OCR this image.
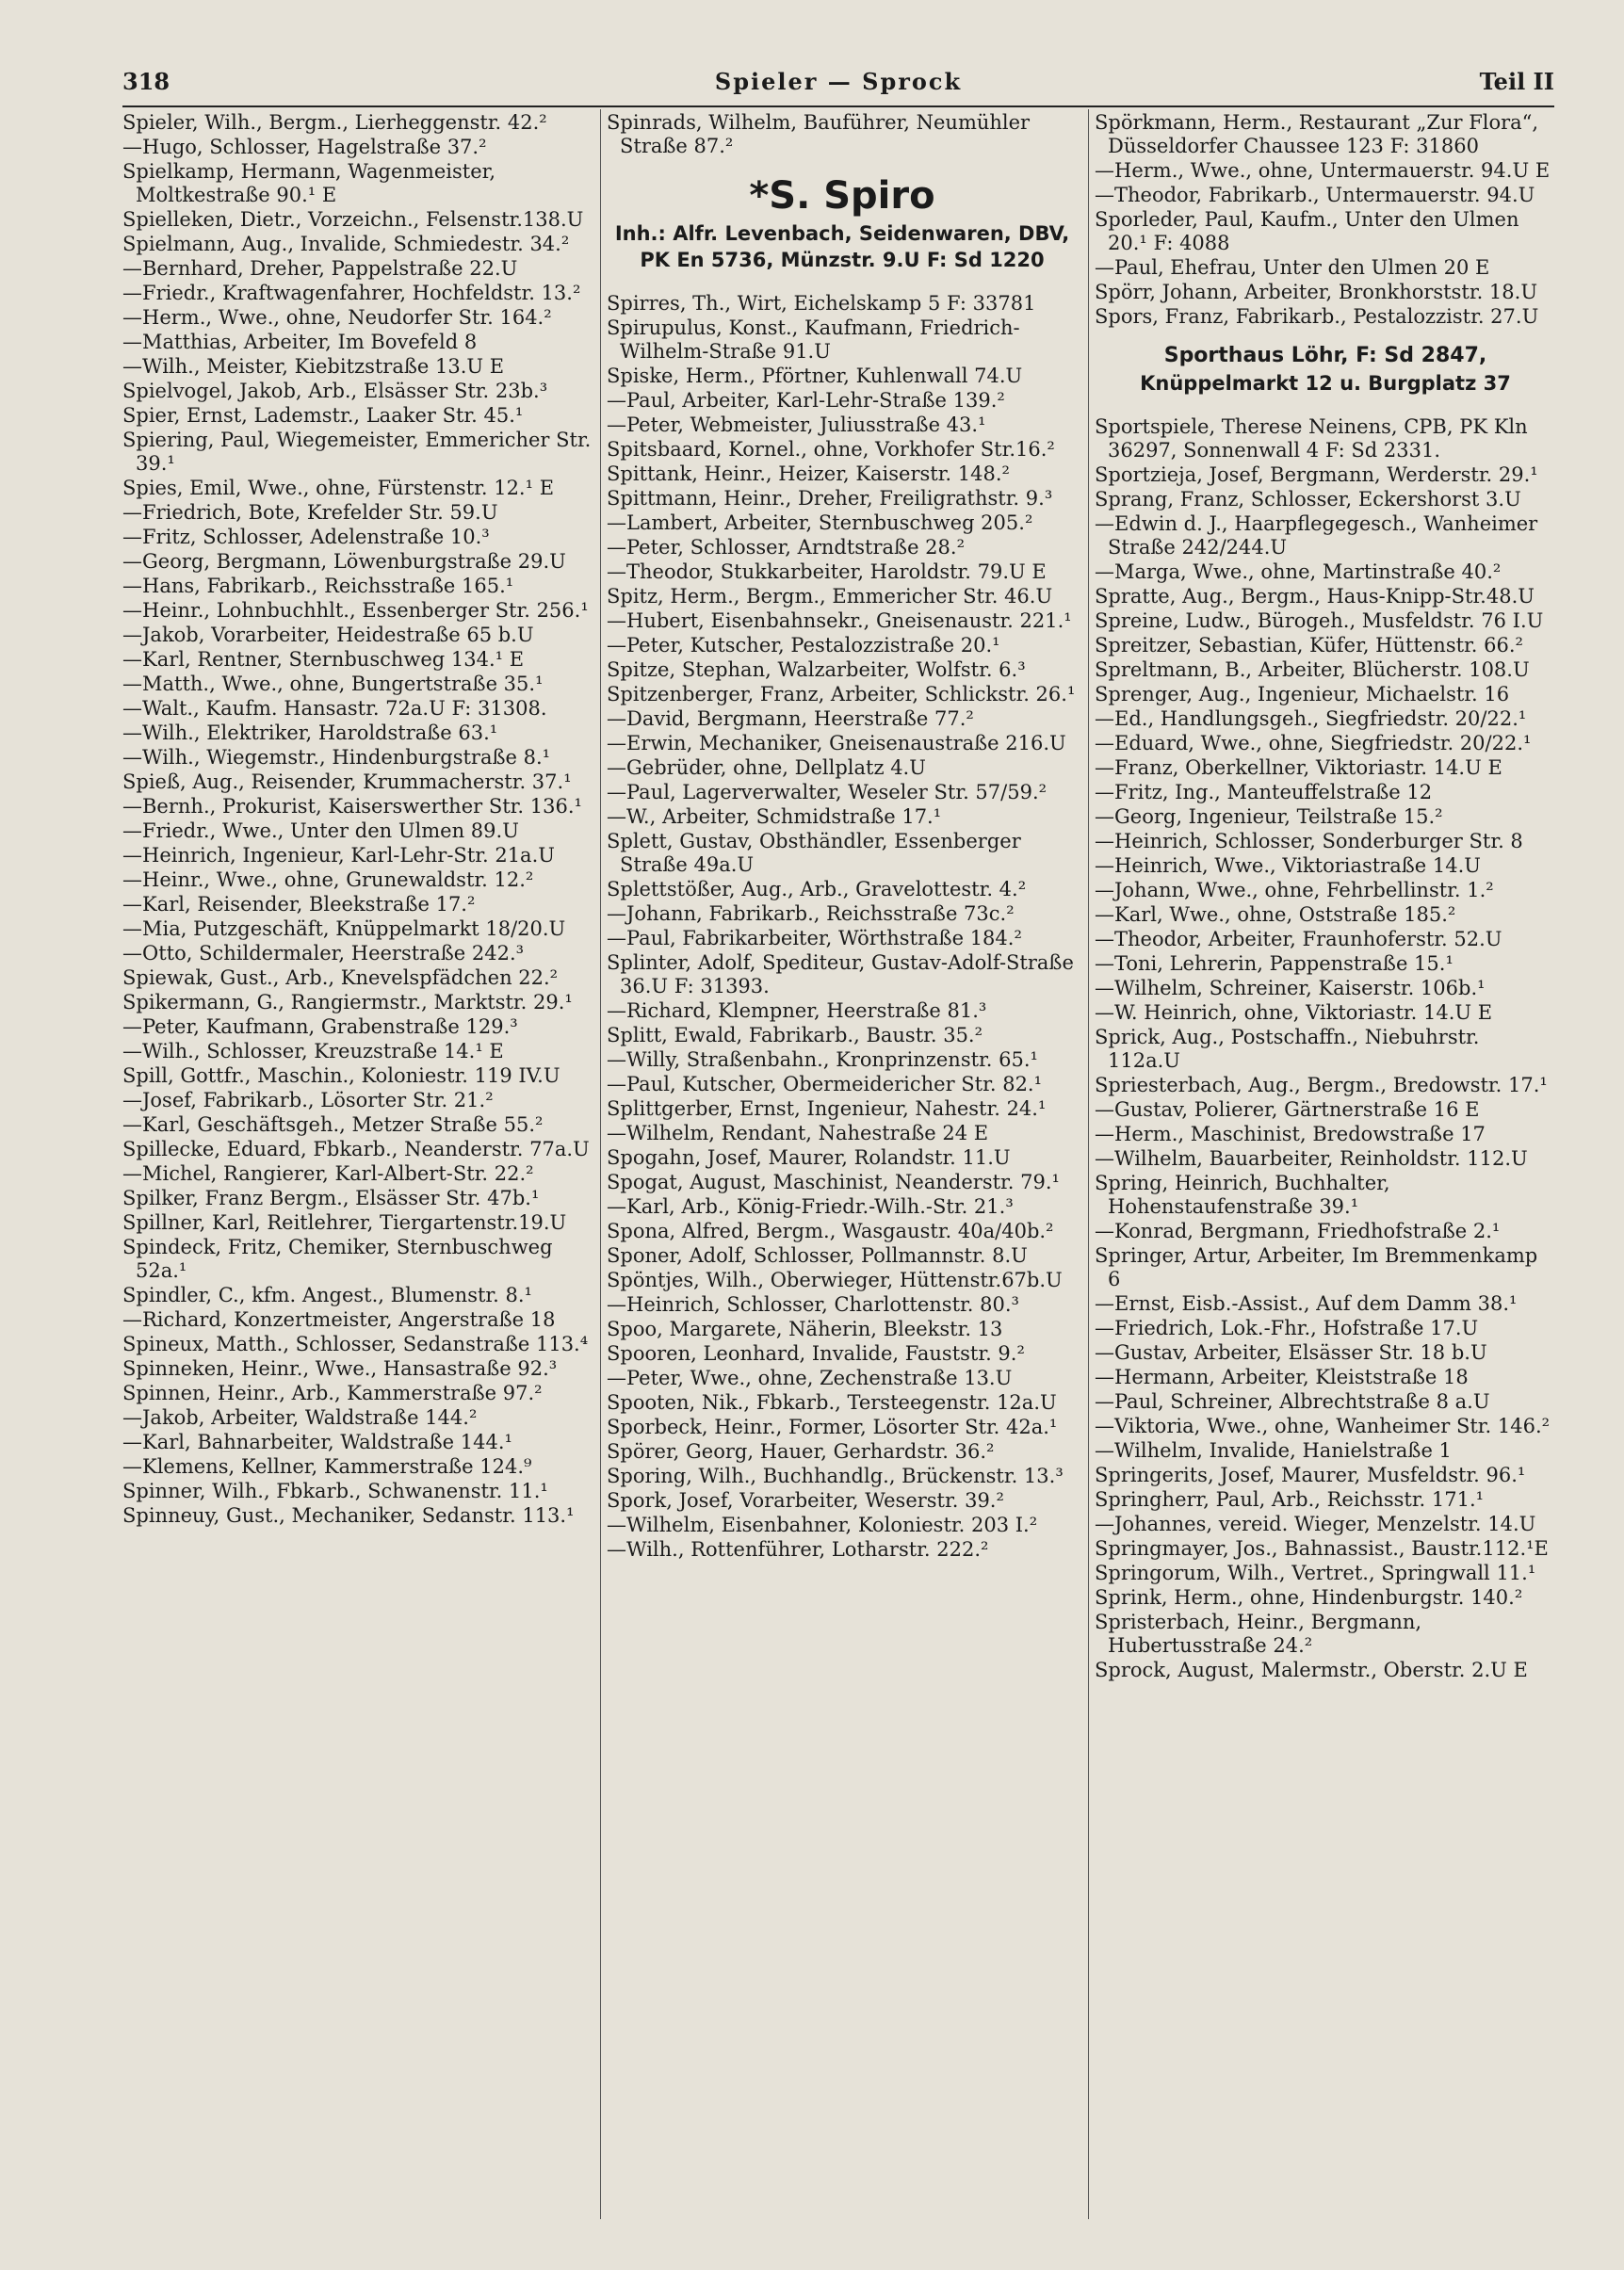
318	Spieler — Sprock	Teil II
Spieler, Wilh., Bergm., Lierheggenstr. 42.²
—Hugo, Schlosser, Hagelstraße 37.²
Spielkamp, Hermann, Wagenmeister, Moltkestraße 90.¹ E
Spielleken, Dietr., Vorzeichn., Felsenstr.138.U
Spielmann, Aug., Invalide, Schmiedestr. 34.²
—Bernhard, Dreher, Pappelstraße 22.U
—Friedr., Kraftwagenfahrer, Hochfeldstr. 13.²
—Herm., Wwe., ohne, Neudorfer Str. 164.²
—Matthias, Arbeiter, Im Bovefeld 8
—Wilh., Meister, Kiebitzstraße 13.U E
Spielvogel, Jakob, Arb., Elsässer Str. 23b.³
Spier, Ernst, Lademstr., Laaker Str. 45.¹
Spiering, Paul, Wiegemeister, Emmericher Str. 39.¹
Spies, Emil, Wwe., ohne, Fürstenstr. 12.¹ E
—Friedrich, Bote, Krefelder Str. 59.U
—Fritz, Schlosser, Adelenstraße 10.³
—Georg, Bergmann, Löwenburgstraße 29.U
—Hans, Fabrikarb., Reichsstraße 165.¹
—Heinr., Lohnbuchhlt., Essenberger Str. 256.¹
—Jakob, Vorarbeiter, Heidestraße 65 b.U
—Karl, Rentner, Sternbuschweg 134.¹ E
—Matth., Wwe., ohne, Bungertstraße 35.¹
—Walt., Kaufm. Hansastr. 72a.U F: 31308.
—Wilh., Elektriker, Haroldstraße 63.¹
—Wilh., Wiegemstr., Hindenburgstraße 8.¹
Spieß, Aug., Reisender, Krummacherstr. 37.¹
—Bernh., Prokurist, Kaiserswerther Str. 136.¹
—Friedr., Wwe., Unter den Ulmen 89.U
—Heinrich, Ingenieur, Karl-Lehr-Str. 21a.U
—Heinr., Wwe., ohne, Grunewaldstr. 12.²
—Karl, Reisender, Bleekstraße 17.²
—Mia, Putzgeschäft, Knüppelmarkt 18/20.U
—Otto, Schildermaler, Heerstraße 242.³
Spiewak, Gust., Arb., Knevelspfädchen 22.²
Spikermann, G., Rangiermstr., Marktstr. 29.¹
—Peter, Kaufmann, Grabenstraße 129.³
—Wilh., Schlosser, Kreuzstraße 14.¹ E
Spill, Gottfr., Maschin., Koloniestr. 119 IV.U
—Josef, Fabrikarb., Lösorter Str. 21.²
—Karl, Geschäftsgeh., Metzer Straße 55.²
Spillecke, Eduard, Fbkarb., Neanderstr. 77a.U
—Michel, Rangierer, Karl-Albert-Str. 22.²
Spilker, Franz Bergm., Elsässer Str. 47b.¹
Spillner, Karl, Reitlehrer, Tiergartenstr.19.U
Spindeck, Fritz, Chemiker, Sternbuschweg 52a.¹
Spindler, C., kfm. Angest., Blumenstr. 8.¹
—Richard, Konzertmeister, Angerstraße 18
Spineux, Matth., Schlosser, Sedanstraße 113.⁴
Spinneken, Heinr., Wwe., Hansastraße 92.³
Spinnen, Heinr., Arb., Kammerstraße 97.²
—Jakob, Arbeiter, Waldstraße 144.²
—Karl, Bahnarbeiter, Waldstraße 144.¹
—Klemens, Kellner, Kammerstraße 124.⁹
Spinner, Wilh., Fbkarb., Schwanenstr. 11.¹
Spinneuy, Gust., Mechaniker, Sedanstr. 113.¹
Spinrads, Wilhelm, Bauführer, Neumühler Straße 87.²
*S. Spiro
Inh.: Alfr. Levenbach, Seidenwaren, DBV,
PK En 5736, Münzstr. 9.U F: Sd 1220
Spirres, Th., Wirt, Eichelskamp 5 F: 33781
Spirupulus, Konst., Kaufmann, Friedrich-Wilhelm-Straße 91.U
Spiske, Herm., Pförtner, Kuhlenwall 74.U
—Paul, Arbeiter, Karl-Lehr-Straße 139.²
—Peter, Webmeister, Juliusstraße 43.¹
Spitsbaard, Kornel., ohne, Vorkhofer Str.16.²
Spittank, Heinr., Heizer, Kaiserstr. 148.²
Spittmann, Heinr., Dreher, Freiligrathstr. 9.³
—Lambert, Arbeiter, Sternbuschweg 205.²
—Peter, Schlosser, Arndtstraße 28.²
—Theodor, Stukkarbeiter, Haroldstr. 79.U E
Spitz, Herm., Bergm., Emmericher Str. 46.U
—Hubert, Eisenbahnsekr., Gneisenaustr. 221.¹
—Peter, Kutscher, Pestalozzistraße 20.¹
Spitze, Stephan, Walzarbeiter, Wolfstr. 6.³
Spitzenberger, Franz, Arbeiter, Schlickstr. 26.¹
—David, Bergmann, Heerstraße 77.²
—Erwin, Mechaniker, Gneisenaustraße 216.U
—Gebrüder, ohne, Dellplatz 4.U
—Paul, Lagerverwalter, Weseler Str. 57/59.²
—W., Arbeiter, Schmidstraße 17.¹
Splett, Gustav, Obsthändler, Essenberger Straße 49a.U
Splettstößer, Aug., Arb., Gravelottestr. 4.²
—Johann, Fabrikarb., Reichsstraße 73c.²
—Paul, Fabrikarbeiter, Wörthstraße 184.²
Splinter, Adolf, Spediteur, Gustav-Adolf-Straße 36.U F: 31393.
—Richard, Klempner, Heerstraße 81.³
Splitt, Ewald, Fabrikarb., Baustr. 35.²
—Willy, Straßenbahn., Kronprinzenstr. 65.¹
—Paul, Kutscher, Obermeidericher Str. 82.¹
Splittgerber, Ernst, Ingenieur, Nahestr. 24.¹
—Wilhelm, Rendant, Nahestraße 24 E
Spogahn, Josef, Maurer, Rolandstr. 11.U
Spogat, August, Maschinist, Neanderstr. 79.¹
—Karl, Arb., König-Friedr.-Wilh.-Str. 21.³
Spona, Alfred, Bergm., Wasgaustr. 40a/40b.²
Sponer, Adolf, Schlosser, Pollmannstr. 8.U
Spöntjes, Wilh., Oberwieger, Hüttenstr.67b.U
—Heinrich, Schlosser, Charlottenstr. 80.³
Spoo, Margarete, Näherin, Bleekstr. 13
Spooren, Leonhard, Invalide, Fauststr. 9.²
—Peter, Wwe., ohne, Zechenstraße 13.U
Spooten, Nik., Fbkarb., Tersteegenstr. 12a.U
Sporbeck, Heinr., Former, Lösorter Str. 42a.¹
Spörer, Georg, Hauer, Gerhardstr. 36.²
Sporing, Wilh., Buchhandlg., Brückenstr. 13.³
Spork, Josef, Vorarbeiter, Weserstr. 39.²
—Wilhelm, Eisenbahner, Koloniestr. 203 I.²
—Wilh., Rottenführer, Lotharstr. 222.²
Spörkmann, Herm., Restaurant „Zur Flora“, Düsseldorfer Chaussee 123 F: 31860
—Herm., Wwe., ohne, Untermauerstr. 94.U E
—Theodor, Fabrikarb., Untermauerstr. 94.U
Sporleder, Paul, Kaufm., Unter den Ulmen 20.¹ F: 4088
—Paul, Ehefrau, Unter den Ulmen 20 E
Spörr, Johann, Arbeiter, Bronkhorststr. 18.U
Spors, Franz, Fabrikarb., Pestalozzistr. 27.U
Sporthaus Löhr, F: Sd 2847,
Knüppelmarkt 12 u. Burgplatz 37
Sportspiele, Therese Neinens, CPB, PK Kln 36297, Sonnenwall 4 F: Sd 2331.
Sportzieja, Josef, Bergmann, Werderstr. 29.¹
Sprang, Franz, Schlosser, Eckershorst 3.U
—Edwin d. J., Haarpflegegesch., Wanheimer Straße 242/244.U
—Marga, Wwe., ohne, Martinstraße 40.²
Spratte, Aug., Bergm., Haus-Knipp-Str.48.U
Spreine, Ludw., Bürogeh., Musfeldstr. 76 I.U
Spreitzer, Sebastian, Küfer, Hüttenstr. 66.²
Spreltmann, B., Arbeiter, Blücherstr. 108.U
Sprenger, Aug., Ingenieur, Michaelstr. 16
—Ed., Handlungsgeh., Siegfriedstr. 20/22.¹
—Eduard, Wwe., ohne, Siegfriedstr. 20/22.¹
—Franz, Oberkellner, Viktoriastr. 14.U E
—Fritz, Ing., Manteuffelstraße 12
—Georg, Ingenieur, Teilstraße 15.²
—Heinrich, Schlosser, Sonderburger Str. 8
—Heinrich, Wwe., Viktoriastraße 14.U
—Johann, Wwe., ohne, Fehrbellinstr. 1.²
—Karl, Wwe., ohne, Oststraße 185.²
—Theodor, Arbeiter, Fraunhoferstr. 52.U
—Toni, Lehrerin, Pappenstraße 15.¹
—Wilhelm, Schreiner, Kaiserstr. 106b.¹
—W. Heinrich, ohne, Viktoriastr. 14.U E
Sprick, Aug., Postschaffn., Niebuhrstr. 112a.U
Spriesterbach, Aug., Bergm., Bredowstr. 17.¹
—Gustav, Polierer, Gärtnerstraße 16 E
—Herm., Maschinist, Bredowstraße 17
—Wilhelm, Bauarbeiter, Reinholdstr. 112.U
Spring, Heinrich, Buchhalter, Hohenstaufenstraße 39.¹
—Konrad, Bergmann, Friedhofstraße 2.¹
Springer, Artur, Arbeiter, Im Bremmenkamp 6
—Ernst, Eisb.-Assist., Auf dem Damm 38.¹
—Friedrich, Lok.-Fhr., Hofstraße 17.U
—Gustav, Arbeiter, Elsässer Str. 18 b.U
—Hermann, Arbeiter, Kleiststraße 18
—Paul, Schreiner, Albrechtstraße 8 a.U
—Viktoria, Wwe., ohne, Wanheimer Str. 146.²
—Wilhelm, Invalide, Hanielstraße 1
Springerits, Josef, Maurer, Musfeldstr. 96.¹
Springherr, Paul, Arb., Reichsstr. 171.¹
—Johannes, vereid. Wieger, Menzelstr. 14.U
Springmayer, Jos., Bahnassist., Baustr.112.¹E
Springorum, Wilh., Vertret., Springwall 11.¹
Sprink, Herm., ohne, Hindenburgstr. 140.²
Spristerbach, Heinr., Bergmann, Hubertusstraße 24.²
Sprock, August, Malermstr., Oberstr. 2.U E
